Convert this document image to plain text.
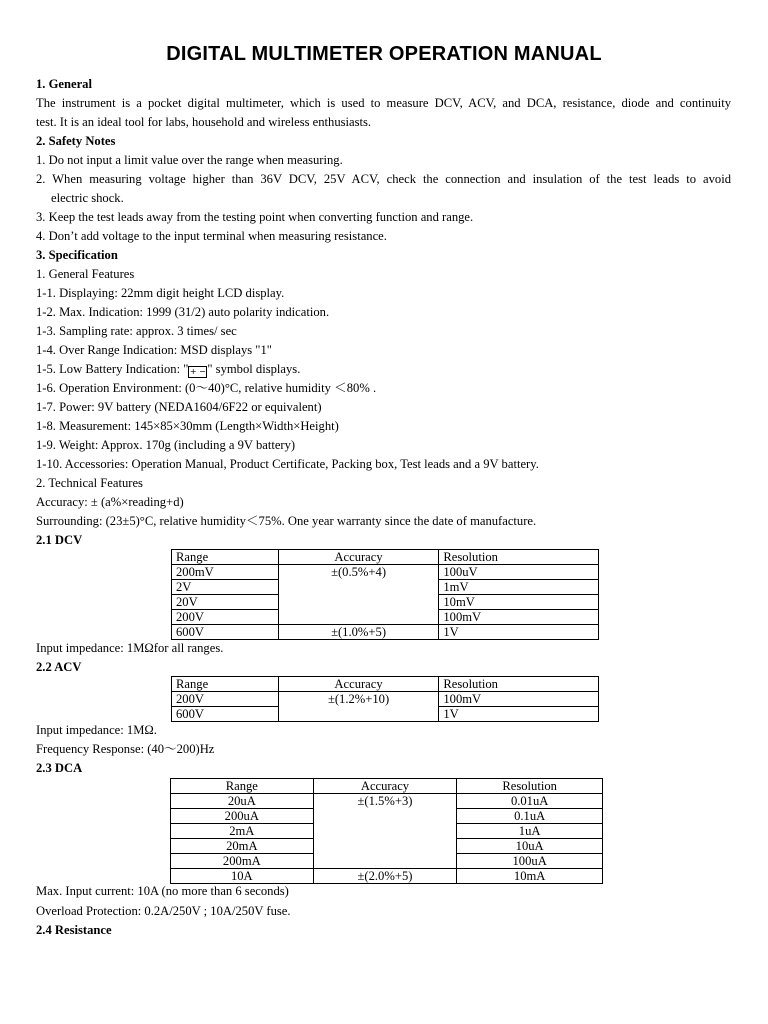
DIGITAL MULTIMETER OPERATION MANUAL
1. General
The instrument is a pocket digital multimeter, which is used to measure DCV, ACV, and DCA, resistance, diode and continuity
test. It is an ideal tool for labs, household and wireless enthusiasts.
2. Safety Notes
1. Do not input a limit value over the range when measuring.
2. When measuring voltage higher than 36V DCV, 25V ACV, check the connection and insulation of the test leads to avoid
electric shock.
3. Keep the test leads away from the testing point when converting function and range.
4. Don’t add voltage to the input terminal when measuring resistance.
3. Specification
1. General Features
1-1. Displaying: 22mm digit height LCD display.
1-2. Max. Indication: 1999 (31/2) auto polarity indication.
1-3. Sampling rate: approx. 3 times/ sec
1-4. Over Range Indication: MSD displays "1"
1-5. Low Battery Indication: " + − " symbol displays.
1-6. Operation Environment: (0～40)°C, relative humidity ＜80% .
1-7. Power: 9V battery (NEDA1604/6F22 or equivalent)
1-8. Measurement: 145×85×30mm (Length×Width×Height)
1-9. Weight: Approx. 170g (including a 9V battery)
1-10. Accessories: Operation Manual, Product Certificate, Packing box, Test leads and a 9V battery.
2. Technical Features
Accuracy: ± (a%×reading+d)
Surrounding: (23±5)°C, relative humidity＜75%. One year warranty since the date of manufacture.
2.1 DCV
Range	Accuracy	Resolution
200mV	±(0.5%+4)	100uV
2V		1mV
20V		10mV
200V		100mV
600V	±(1.0%+5)	1V
Input impedance: 1MΩfor all ranges.
2.2 ACV
Range	Accuracy	Resolution
200V	±(1.2%+10)	100mV
600V		1V
Input impedance: 1MΩ.
Frequency Response: (40～200)Hz
2.3 DCA
Range	Accuracy	Resolution
20uA	±(1.5%+3)	0.01uA
200uA		0.1uA
2mA		1uA
20mA		10uA
200mA		100uA
10A	±(2.0%+5)	10mA
Max. Input current: 10A (no more than 6 seconds)
Overload Protection: 0.2A/250V ; 10A/250V fuse.
2.4 Resistance
